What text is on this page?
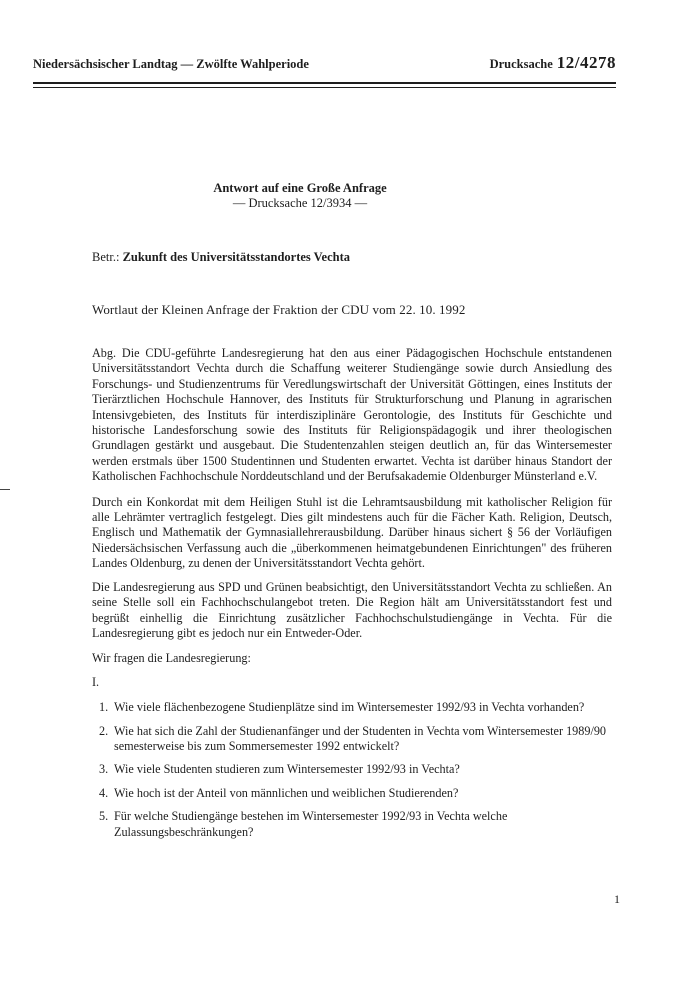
Niedersächsischer Landtag — Zwölfte Wahlperiode	Drucksache 12/4278
Antwort auf eine Große Anfrage
— Drucksache 12/3934 —
Betr.: Zukunft des Universitätsstandortes Vechta
Wortlaut der Kleinen Anfrage der Fraktion der CDU vom 22. 10. 1992

Abg. Die CDU-geführte Landesregierung hat den aus einer Pädagogischen Hochschule entstandenen Universitätsstandort Vechta durch die Schaffung weiterer Studiengänge sowie durch Ansiedlung des Forschungs- und Studienzentrums für Veredlungswirtschaft der Universität Göttingen, eines Instituts der Tierärztlichen Hochschule Hannover, des Instituts für Strukturforschung und Planung in agrarischen Intensivgebieten, des Instituts für interdisziplinäre Gerontologie, des Instituts für Geschichte und historische Landesforschung sowie des Instituts für Religionspädagogik und ihrer theologischen Grundlagen gestärkt und ausgebaut. Die Studentenzahlen steigen deutlich an, für das Wintersemester werden erstmals über 1500 Studentinnen und Studenten erwartet. Vechta ist darüber hinaus Standort der Katholischen Fachhochschule Norddeutschland und der Berufsakademie Oldenburger Münsterland e.V.

Durch ein Konkordat mit dem Heiligen Stuhl ist die Lehramtsausbildung mit katholischer Religion für alle Lehrämter vertraglich festgelegt. Dies gilt mindestens auch für die Fächer Kath. Religion, Deutsch, Englisch und Mathematik der Gymnasiallehrerausbildung. Darüber hinaus sichert § 56 der Vorläufigen Niedersächsischen Verfassung auch die „überkommenen heimatgebundenen Einrichtungen" des früheren Landes Oldenburg, zu denen der Universitätsstandort Vechta gehört.

Die Landesregierung aus SPD und Grünen beabsichtigt, den Universitätsstandort Vechta zu schließen. An seine Stelle soll ein Fachhochschulangebot treten. Die Region hält am Universitätsstandort fest und begrüßt einhellig die Einrichtung zusätzlicher Fachhochschulstudiengänge in Vechta. Für die Landesregierung gibt es jedoch nur ein Entweder-Oder.

Wir fragen die Landesregierung:

I.

1. Wie viele flächenbezogene Studienplätze sind im Wintersemester 1992/93 in Vechta vorhanden?
2. Wie hat sich die Zahl der Studienanfänger und der Studenten in Vechta vom Wintersemester 1989/90 semesterweise bis zum Sommersemester 1992 entwickelt?
3. Wie viele Studenten studieren zum Wintersemester 1992/93 in Vechta?
4. Wie hoch ist der Anteil von männlichen und weiblichen Studierenden?
5. Für welche Studiengänge bestehen im Wintersemester 1992/93 in Vechta welche Zulassungsbeschränkungen?
1
